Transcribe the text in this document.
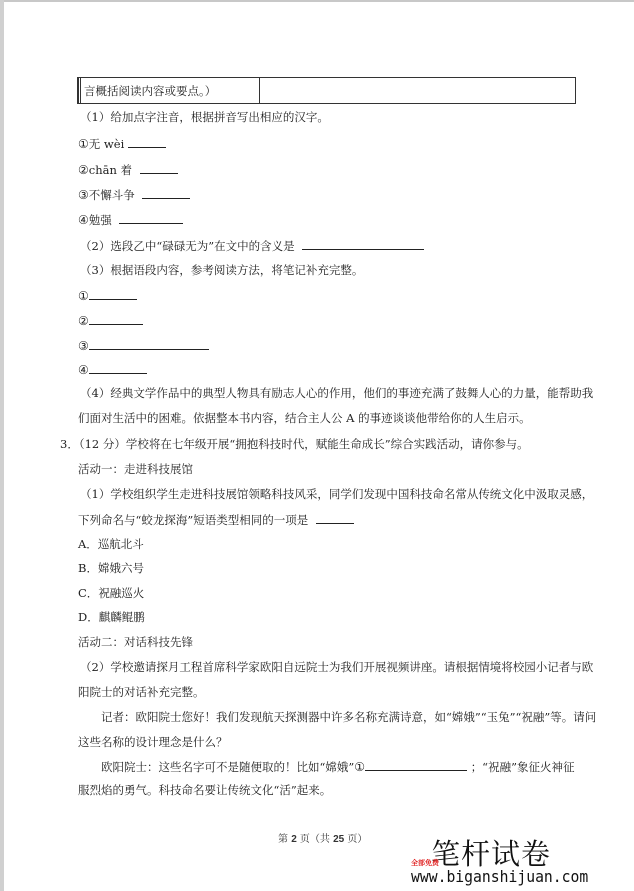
言概括阅读内容或要点。）
（1）给加点字注音，根据拼音写出相应的汉字。
①无 wèi
②chān 着
③不懈斗争
④勉强
（2）选段乙中“碌碌无为”在文中的含义是
（3）根据语段内容，参考阅读方法，将笔记补充完整。
①
②
③
④
（4）经典文学作品中的典型人物具有励志人心的作用，他们的事迹充满了鼓舞人心的力量，能帮助我
们面对生活中的困难。依据整本书内容，结合主人公 A 的事迹谈谈他带给你的人生启示。
3．（12 分）学校将在七年级开展“拥抱科技时代，赋能生命成长”综合实践活动，请你参与。
活动一：走进科技展馆
（1）学校组织学生走进科技展馆领略科技风采，同学们发现中国科技命名常从传统文化中汲取灵感，
下列命名与“蛟龙探海”短语类型相同的一项是
A．巡航北斗
B．嫦娥六号
C．祝融巡火
D．麒麟鲲鹏
活动二：对话科技先锋
（2）学校邀请探月工程首席科学家欧阳自远院士为我们开展视频讲座。请根据情境将校园小记者与欧
阳院士的对话补充完整。
记者：欧阳院士您好！我们发现航天探测器中许多名称充满诗意，如“嫦娥”“玉兔”“祝融”等。请问
这些名称的设计理念是什么？
欧阳院士：这些名字可不是随便取的！比如“嫦娥”①	；“祝融”象征火神征
服烈焰的勇气。科技命名要让传统文化“活”起来。
第 2 页（共 25 页） 笔杆试卷
全部免费
www.biganshijuan.com
